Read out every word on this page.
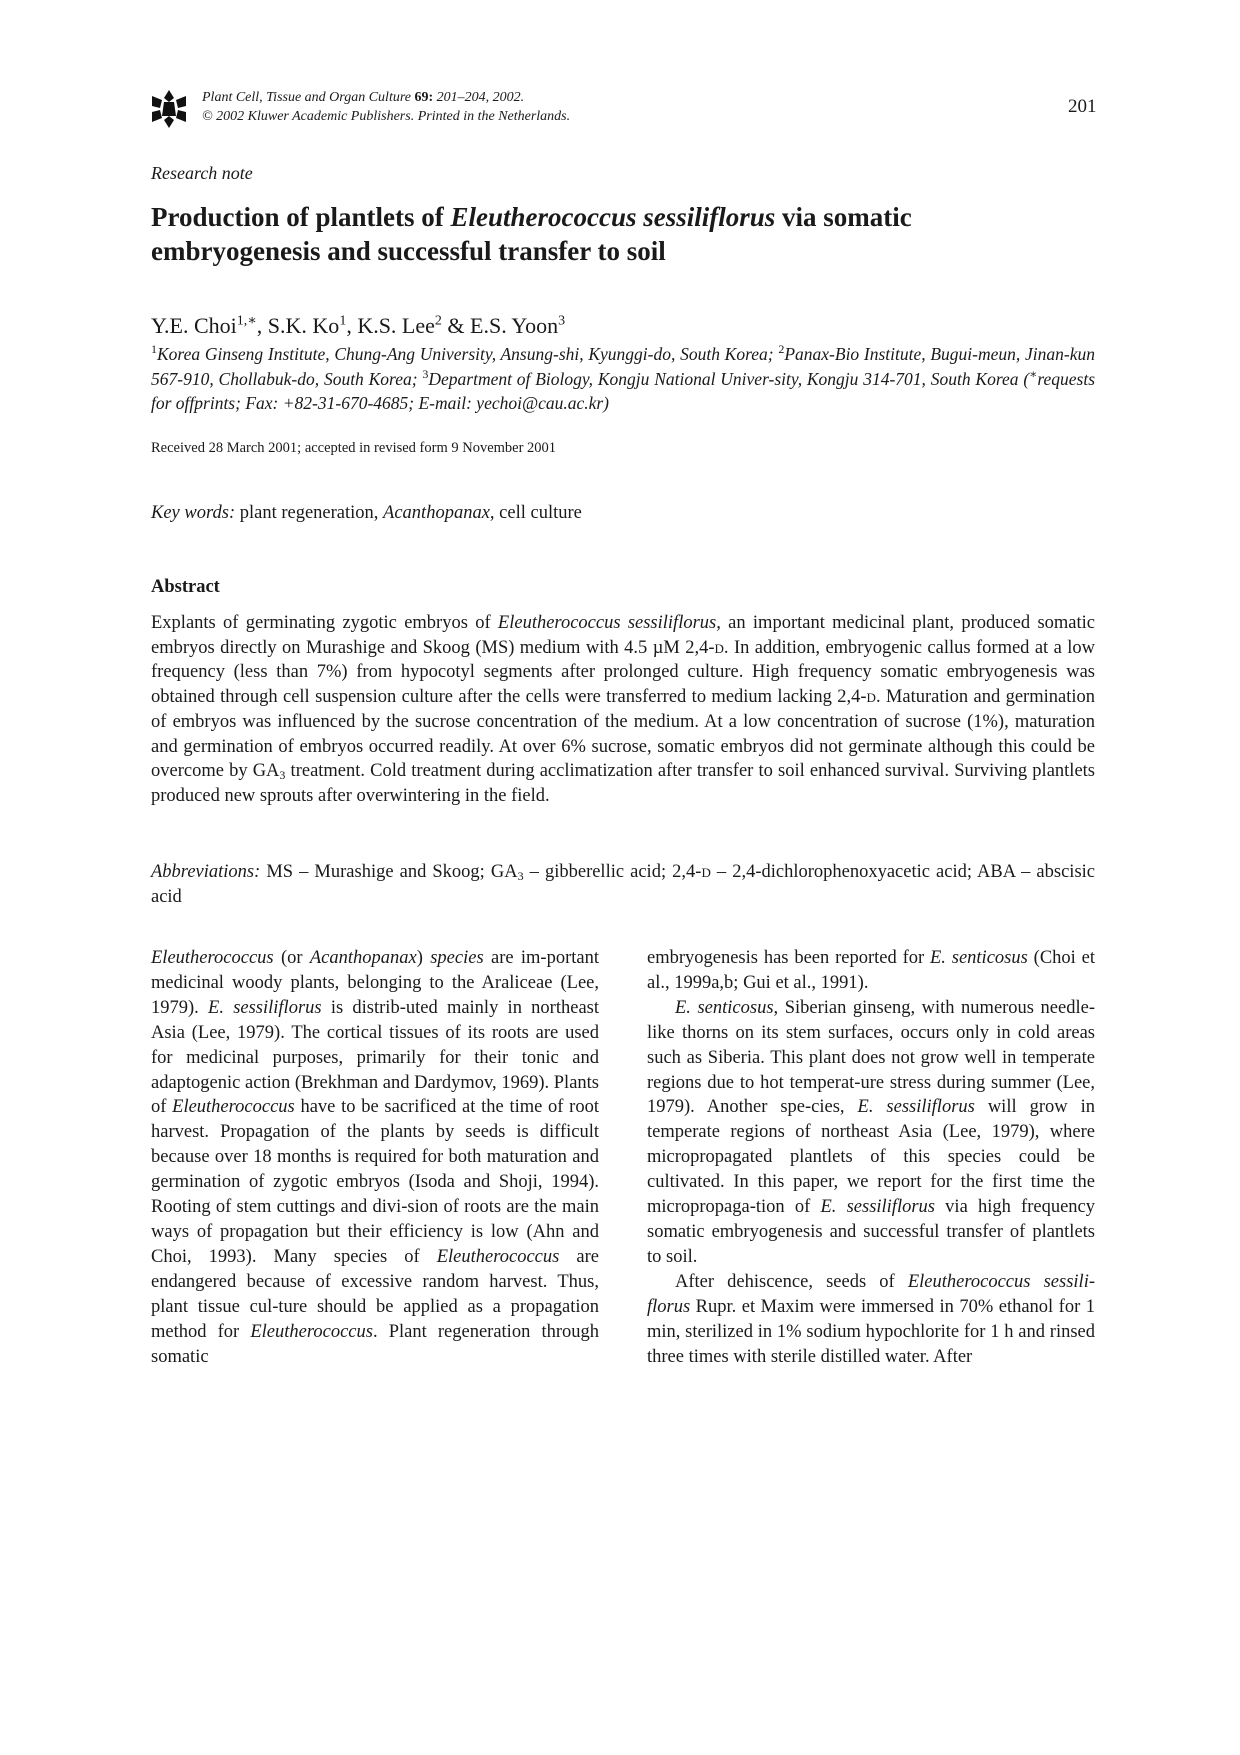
Plant Cell, Tissue and Organ Culture 69: 201–204, 2002.
© 2002 Kluwer Academic Publishers. Printed in the Netherlands.	201
Research note
Production of plantlets of Eleutherococcus sessiliflorus via somatic embryogenesis and successful transfer to soil
Y.E. Choi$^{1,∗}$, S.K. Ko$^1$, K.S. Lee$^2$ & E.S. Yoon$^3$
$^1$Korea Ginseng Institute, Chung-Ang University, Ansung-shi, Kyunggi-do, South Korea; $^2$Panax-Bio Institute, Bugui-meun, Jinan-kun 567-910, Chollabuk-do, South Korea; $^3$Department of Biology, Kongju National Univer-sity, Kongju 314-701, South Korea (∗requests for offprints; Fax: +82-31-670-4685; E-mail: yechoi@cau.ac.kr)
Received 28 March 2001; accepted in revised form 9 November 2001
Key words: plant regeneration, Acanthopanax, cell culture
Abstract
Explants of germinating zygotic embryos of Eleutherococcus sessiliflorus, an important medicinal plant, produced somatic embryos directly on Murashige and Skoog (MS) medium with 4.5 µM 2,4-d. In addition, embryogenic callus formed at a low frequency (less than 7%) from hypocotyl segments after prolonged culture. High frequency somatic embryogenesis was obtained through cell suspension culture after the cells were transferred to medium lacking 2,4-d. Maturation and germination of embryos was influenced by the sucrose concentration of the medium. At a low concentration of sucrose (1%), maturation and germination of embryos occurred readily. At over 6% sucrose, somatic embryos did not germinate although this could be overcome by $GA_3$ treatment. Cold treatment during acclimatization after transfer to soil enhanced survival. Surviving plantlets produced new sprouts after overwintering in the field.
Abbreviations: MS – Murashige and Skoog; $GA_3$ – gibberellic acid; 2,4-d – 2,4-dichlorophenoxyacetic acid; ABA – abscisic acid

Eleutherococcus (or Acanthopanax) species are im-portant medicinal woody plants, belonging to the Araliceae (Lee, 1979). E. sessiliflorus is distrib-uted mainly in northeast Asia (Lee, 1979). The cortical tissues of its roots are used for medicinal purposes, primarily for their tonic and adaptogenic action (Brekhman and Dardymov, 1969). Plants of Eleutherococcus have to be sacrificed at the time of root harvest. Propagation of the plants by seeds is difficult because over 18 months is required for both maturation and germination of zygotic embryos (Isoda and Shoji, 1994). Rooting of stem cuttings and divi-sion of roots are the main ways of propagation but their efficiency is low (Ahn and Choi, 1993). Many species of Eleutherococcus are endangered because of excessive random harvest. Thus, plant tissue cul-ture should be applied as a propagation method for Eleutherococcus. Plant regeneration through somatic

embryogenesis has been reported for E. senticosus (Choi et al., 1999a,b; Gui et al., 1991).

E. senticosus, Siberian ginseng, with numerous needle-like thorns on its stem surfaces, occurs only in cold areas such as Siberia. This plant does not grow well in temperate regions due to hot temperat-ure stress during summer (Lee, 1979). Another spe-cies, E. sessiliflorus will grow in temperate regions of northeast Asia (Lee, 1979), where micropropagated plantlets of this species could be cultivated. In this paper, we report for the first time the micropropaga-tion of E. sessiliflorus via high frequency somatic embryogenesis and successful transfer of plantlets to soil.

After dehiscence, seeds of Eleutherococcus sessili-florus Rupr. et Maxim were immersed in 70% ethanol for 1 min, sterilized in 1% sodium hypochlorite for 1 h and rinsed three times with sterile distilled water. After
